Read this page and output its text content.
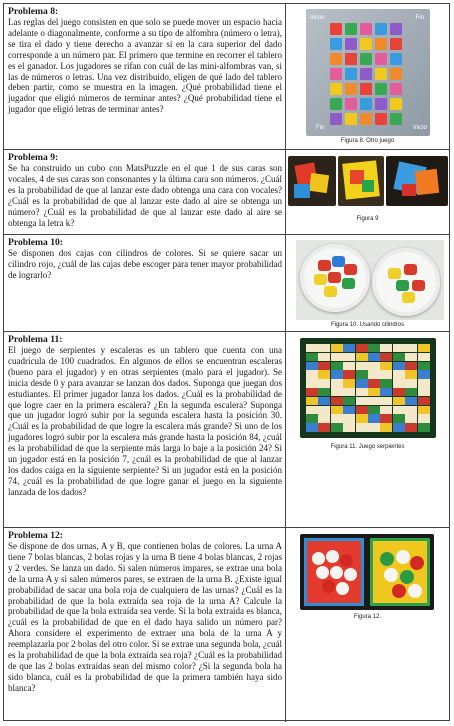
Problema 8:
Las reglas del juego consisten en que solo se puede mover un espacio hacia adelante o diagonalmente, conforme a su tipo de alfombra (número o letra), se tira el dado y tiene derecho a avanzar si en la cara superior del dado corresponde a un número par. El primero que termine en recorrer el tablero es el ganador. Los jugadores se rifan con cuál de las mini-alfombras van, si las de números o letras. Una vez distribuido, eligen de qué lado del tablero deben partir, como se muestra en la imagen. ¿Qué probabilidad tiene el jugador que eligió números de terminar antes? ¿Qué probabilidad tiene el jugador que eligió letras de terminar antes?
Inicio	Fin
Fin	Inicio
Figura 8. Otro juego
Problema 9:
Se ha construido un cubo con MatsPuzzle en el que 1 de sus caras son vocales, 4 de sus caras son consonantes y la última cara son números. ¿Cuál es la probabilidad de que al lanzar este dado obtenga una cara con vocales? ¿Cuál es la probabilidad de que al lanzar este dado al aire se obtenga un número? ¿Cuál es la probabilidad de que al lanzar este dado al aire se obtenga la letra k?	Figura 9
Problema 10:
Se disponen dos cajas con cilindros de colores. Si se quiere sacar un cilindro rojo, ¿cuál de las cajas debe escoger para tener mayor probabilidad de lograrlo?
Figura 10. Usando cilindros
Problema 11:
El juego de serpientes y escaleras es un tablero que cuenta con una cuadrícula de 100 cuadrados. En algunos de ellos se encuentran escaleras (bueno para el jugador) y en otras serpientes (malo para el jugador). Se inicia desde 0 y para avanzar se lanzan dos dados. Suponga que juegan dos estudiantes. El primer jugador lanza los dados. ¿Cuál es la probabilidad de que logre caer en la primera escalera? ¿En la segunda escalera? Suponga que un jugador logró subir por la segunda escalera hasta la posición 30. ¿Cuál es la probabilidad de que logre la escalera más grande? Si uno de los jugadores logró subir por la escalera más grande hasta la posición 84, ¿cuál es la probabilidad de que la serpiente más larga lo baje a la posición 24? Si un jugador está en la posición 7, ¿cuál es la probabilidad de que al lanzar los dados caiga en la siguiente serpiente? Si un jugador está en la posición 74, ¿cuál es la probabilidad de que logre ganar el juego en la siguiente lanzada de los dados?
Figura 11. Juego serpientes
Problema 12:
Se dispone de dos urnas, A y B, que contienen bolas de colores. La urna A tiene 7 bolas blancas, 2 bolas rojas y la urna B tiene 4 bolas blancas, 2 rojas y 2 verdes. Se lanza un dado. Si salen números impares, se extrae una bola de la urna A y si salen números pares, se extraen de la urna B. ¿Existe igual probabilidad de sacar una bola roja de cualquiera de las urnas? ¿Cuál es la probabilidad de que la bola extraída sea roja de la urna A? Calcule la probabilidad de que la bola extraída sea verde. Si la bola extraída es blanca, ¿cuál es la probabilidad de que en el dado haya salido un número par? Ahora considere el experimento de extraer una bola de la urna A y reemplazarla por 2 bolas del otro color. Si se extrae una segunda bola, ¿cuál es la probabilidad de que la bola extraída sea roja? ¿Cuál es la probabilidad de que las 2 bolas extraídas sean del mismo color? ¿Si la segunda bola ha sido blanca, cuál es la probabilidad de que la primera también haya sido blanca?
Figura 12.
